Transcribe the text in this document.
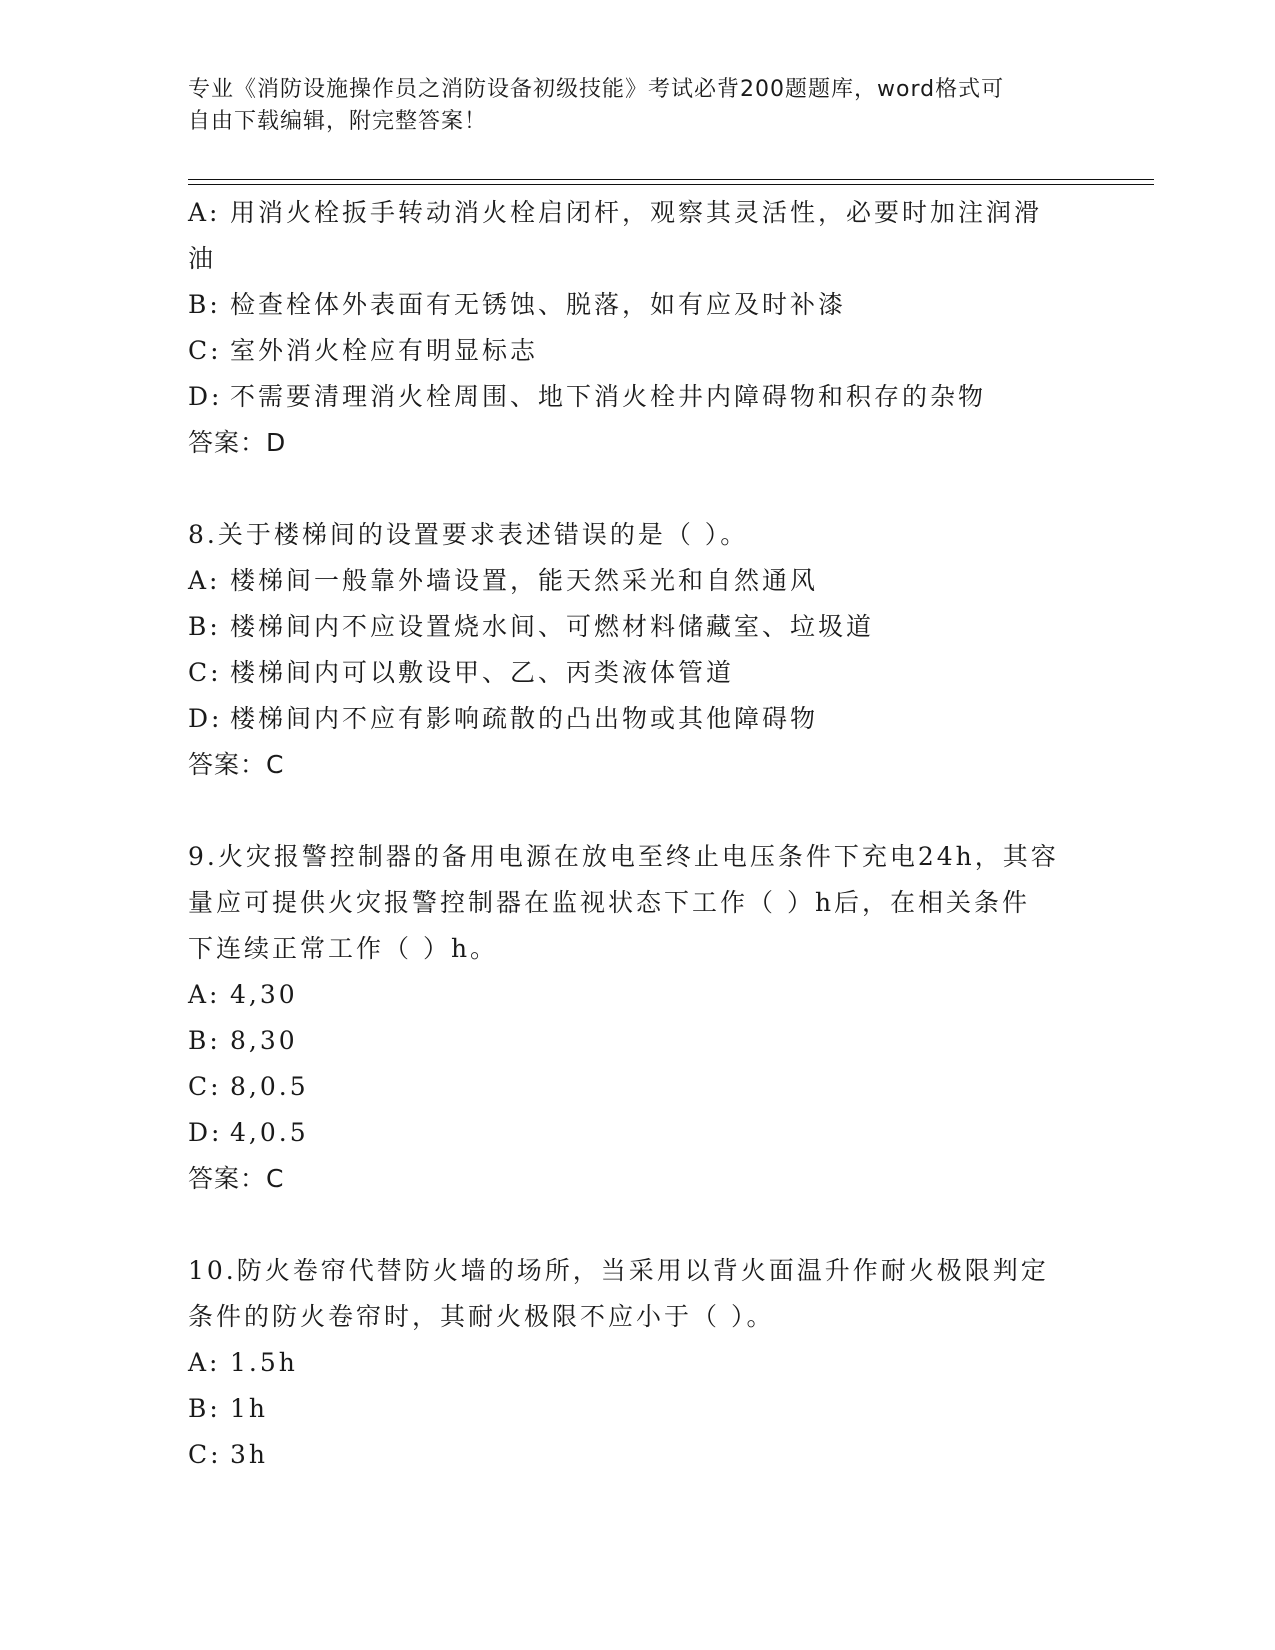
专业《消防设施操作员之消防设备初级技能》考试必背200题题库，word格式可
自由下载编辑，附完整答案！
A: 用消火栓扳手转动消火栓启闭杆，观察其灵活性，必要时加注润滑
油
B: 检查栓体外表面有无锈蚀、脱落，如有应及时补漆
C: 室外消火栓应有明显标志
D: 不需要清理消火栓周围、地下消火栓井内障碍物和积存的杂物
答案：D
8.关于楼梯间的设置要求表述错误的是（ ）。
A: 楼梯间一般靠外墙设置，能天然采光和自然通风
B: 楼梯间内不应设置烧水间、可燃材料储藏室、垃圾道
C: 楼梯间内可以敷设甲、乙、丙类液体管道
D: 楼梯间内不应有影响疏散的凸出物或其他障碍物
答案：C
9.火灾报警控制器的备用电源在放电至终止电压条件下充电24h，其容
量应可提供火灾报警控制器在监视状态下工作（ ）h后，在相关条件
下连续正常工作（ ）h。
A: 4,30
B: 8,30
C: 8,0.5
D: 4,0.5
答案：C
10.防火卷帘代替防火墙的场所，当采用以背火面温升作耐火极限判定
条件的防火卷帘时，其耐火极限不应小于（ ）。
A: 1.5h
B: 1h
C: 3h
